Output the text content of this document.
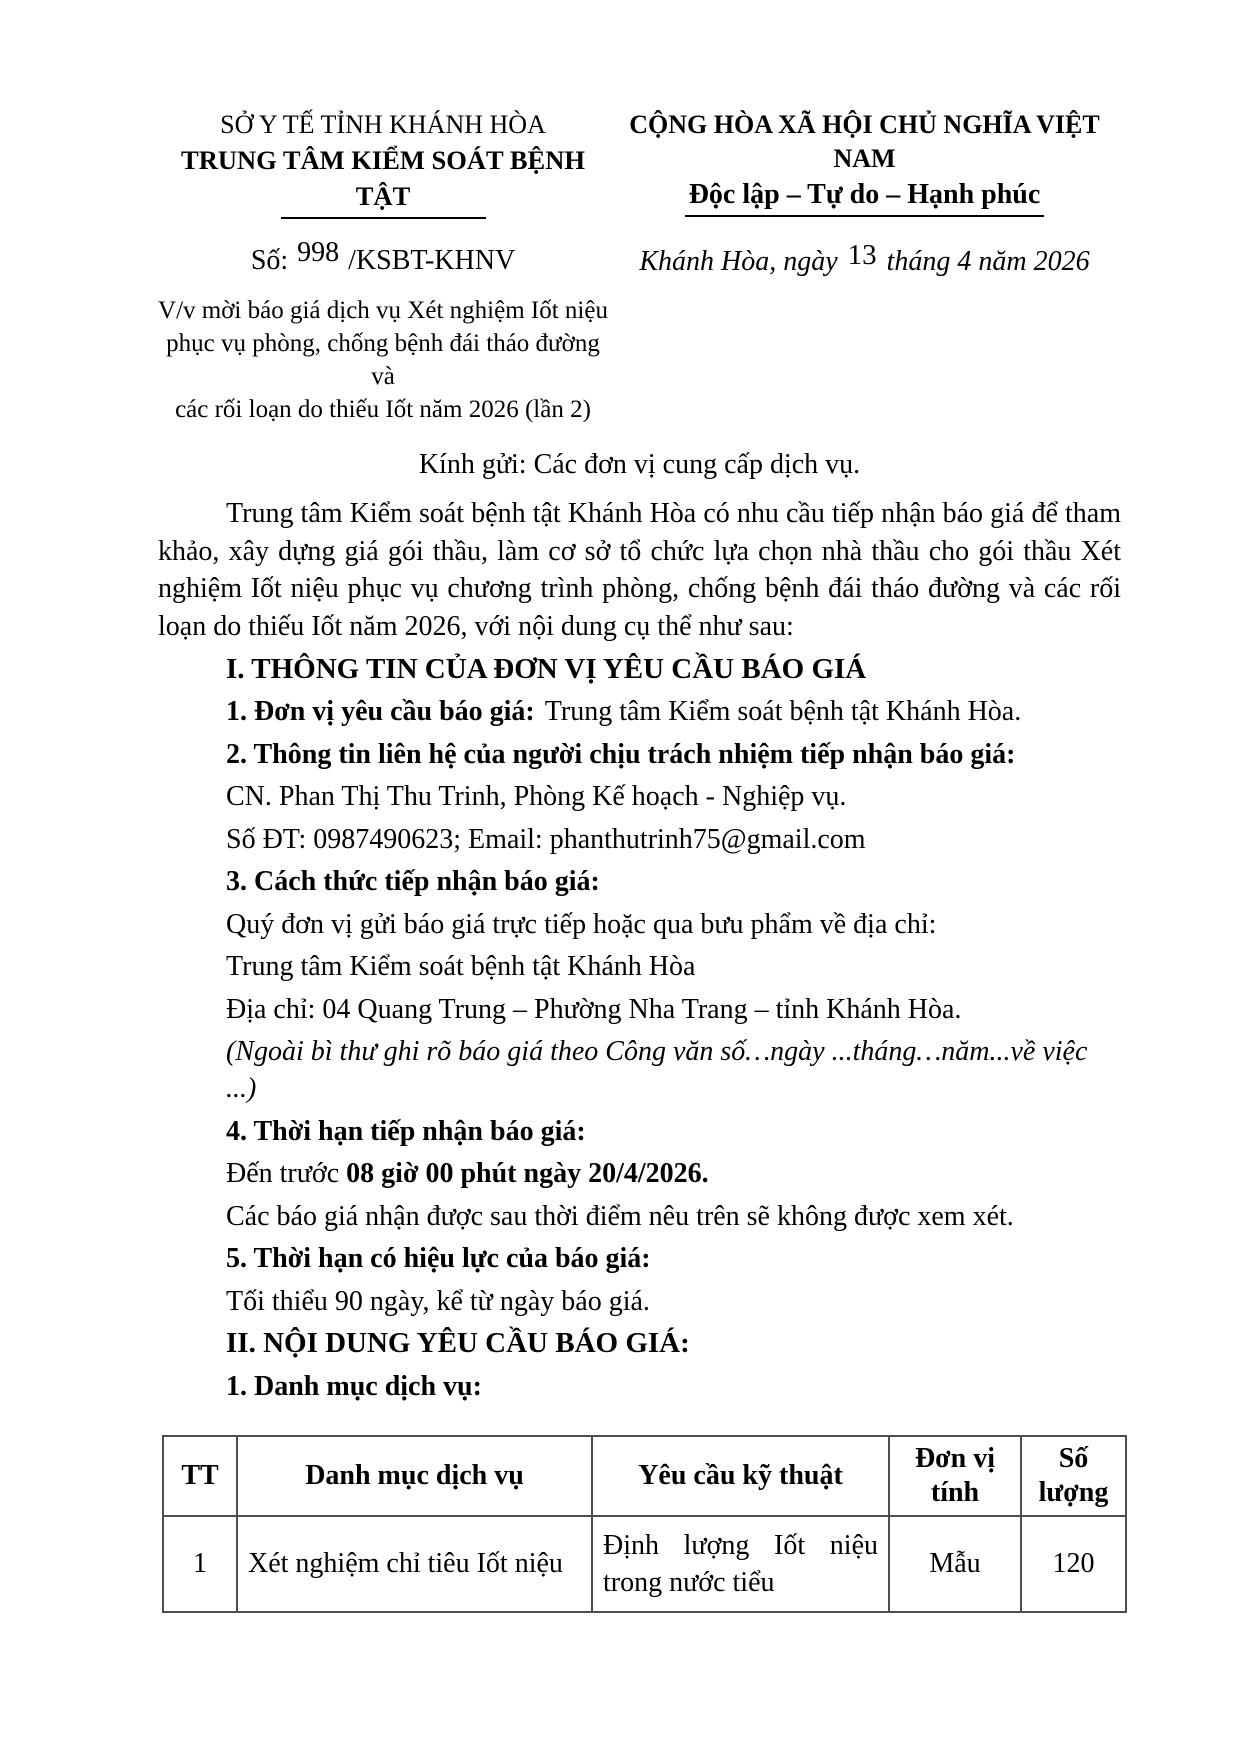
SỞ Y TẾ TỈNH KHÁNH HÒA
TRUNG TÂM KIỂM SOÁT BỆNH TẬT
CỘNG HÒA XÃ HỘI CHỦ NGHĨA VIỆT NAM
Độc lập – Tự do – Hạnh phúc
Số: 998 /KSBT-KHNV	Khánh Hòa, ngày 13 tháng 4 năm 2026
V/v mời báo giá dịch vụ Xét nghiệm Iốt niệu
phục vụ phòng, chống bệnh đái tháo đường và
các rối loạn do thiếu Iốt năm 2026 (lần 2)
Kính gửi: Các đơn vị cung cấp dịch vụ.

Trung tâm Kiểm soát bệnh tật Khánh Hòa có nhu cầu tiếp nhận báo giá để tham khảo, xây dựng giá gói thầu, làm cơ sở tổ chức lựa chọn nhà thầu cho gói thầu Xét nghiệm Iốt niệu phục vụ chương trình phòng, chống bệnh đái tháo đường và các rối loạn do thiếu Iốt năm 2026, với nội dung cụ thể như sau:

I. THÔNG TIN CỦA ĐƠN VỊ YÊU CẦU BÁO GIÁ

1. Đơn vị yêu cầu báo giá: Trung tâm Kiểm soát bệnh tật Khánh Hòa.

2. Thông tin liên hệ của người chịu trách nhiệm tiếp nhận báo giá:

CN. Phan Thị Thu Trinh, Phòng Kế hoạch - Nghiệp vụ.

Số ĐT: 0987490623; Email: phanthutrinh75@gmail.com

3. Cách thức tiếp nhận báo giá:

Quý đơn vị gửi báo giá trực tiếp hoặc qua bưu phẩm về địa chỉ:

Trung tâm Kiểm soát bệnh tật Khánh Hòa

Địa chỉ: 04 Quang Trung – Phường Nha Trang – tỉnh Khánh Hòa.

(Ngoài bì thư ghi rõ báo giá theo Công văn số…ngày ...tháng…năm...về việc ...)

4. Thời hạn tiếp nhận báo giá:

Đến trước 08 giờ 00 phút ngày 20/4/2026.

Các báo giá nhận được sau thời điểm nêu trên sẽ không được xem xét.

5. Thời hạn có hiệu lực của báo giá:

Tối thiểu 90 ngày, kể từ ngày báo giá.

II. NỘI DUNG YÊU CẦU BÁO GIÁ:

1. Danh mục dịch vụ:

TT	Danh mục dịch vụ	Yêu cầu kỹ thuật	Đơn vị tính	Số lượng
1	Xét nghiệm chỉ tiêu Iốt niệu	Định lượng Iốt niệu trong nước tiểu	Mẫu	120
